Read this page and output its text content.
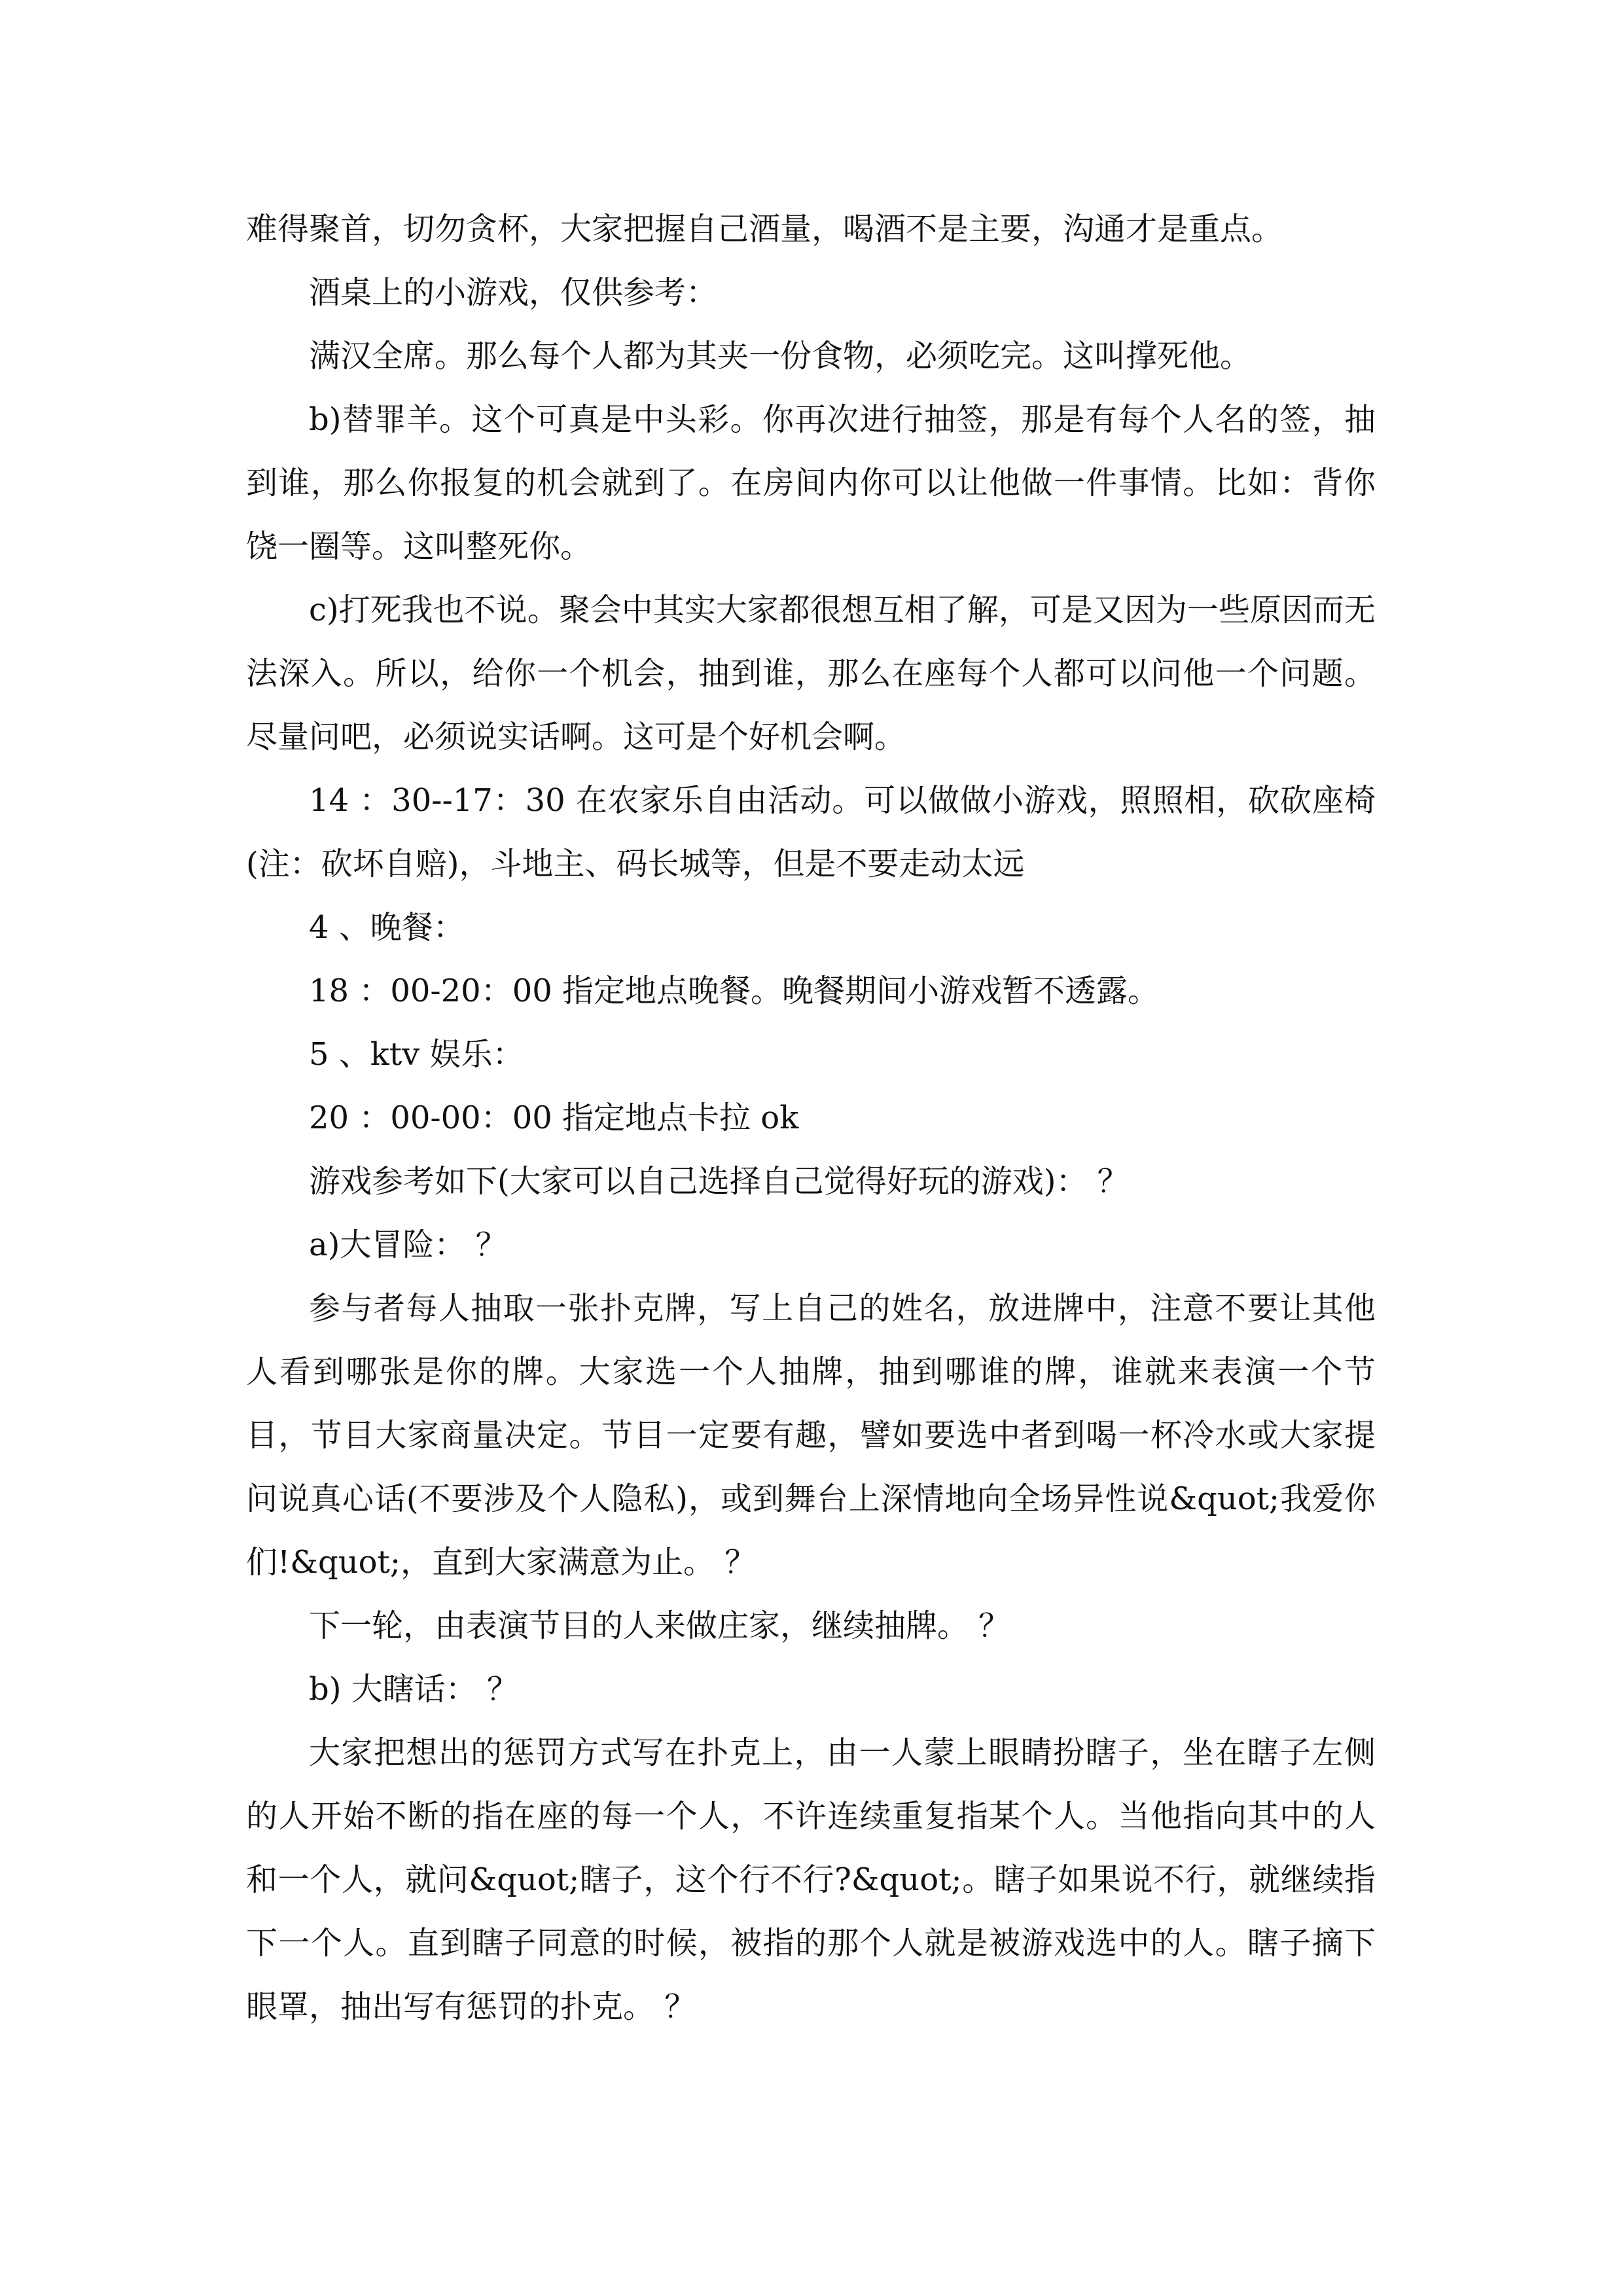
难得聚首，切勿贪杯，大家把握自己酒量，喝酒不是主要，沟通才是重点。

酒桌上的小游戏，仅供参考：

满汉全席。那么每个人都为其夹一份食物，必须吃完。这叫撑死他。

b)替罪羊。这个可真是中头彩。你再次进行抽签，那是有每个人名的签，抽到谁，那么你报复的机会就到了。在房间内你可以让他做一件事情。比如：背你饶一圈等。这叫整死你。

c)打死我也不说。聚会中其实大家都很想互相了解，可是又因为一些原因而无法深入。所以，给你一个机会，抽到谁，那么在座每个人都可以问他一个问题。尽量问吧，必须说实话啊。这可是个好机会啊。

14 ：30--17：30 在农家乐自由活动。可以做做小游戏，照照相，砍砍座椅(注：砍坏自赔)，斗地主、码长城等，但是不要走动太远

4 、晚餐：

18 ：00-20：00 指定地点晚餐。晚餐期间小游戏暂不透露。

5 、ktv 娱乐：

20 ：00-00：00 指定地点卡拉 ok

游戏参考如下(大家可以自己选择自己觉得好玩的游戏)： ？

a)大冒险： ？

参与者每人抽取一张扑克牌，写上自己的姓名，放进牌中，注意不要让其他人看到哪张是你的牌。大家选一个人抽牌，抽到哪谁的牌，谁就来表演一个节目，节目大家商量决定。节目一定要有趣，譬如要选中者到喝一杯冷水或大家提问说真心话(不要涉及个人隐私)，或到舞台上深情地向全场异性说&quot;我爱你们!&quot;，直到大家满意为止。 ？

下一轮，由表演节目的人来做庄家，继续抽牌。 ？

b) 大瞎话： ？

大家把想出的惩罚方式写在扑克上，由一人蒙上眼睛扮瞎子，坐在瞎子左侧的人开始不断的指在座的每一个人，不许连续重复指某个人。当他指向其中的人和一个人，就问&quot;瞎子，这个行不行?&quot;。瞎子如果说不行，就继续指下一个人。直到瞎子同意的时候，被指的那个人就是被游戏选中的人。瞎子摘下眼罩，抽出写有惩罚的扑克。 ？
